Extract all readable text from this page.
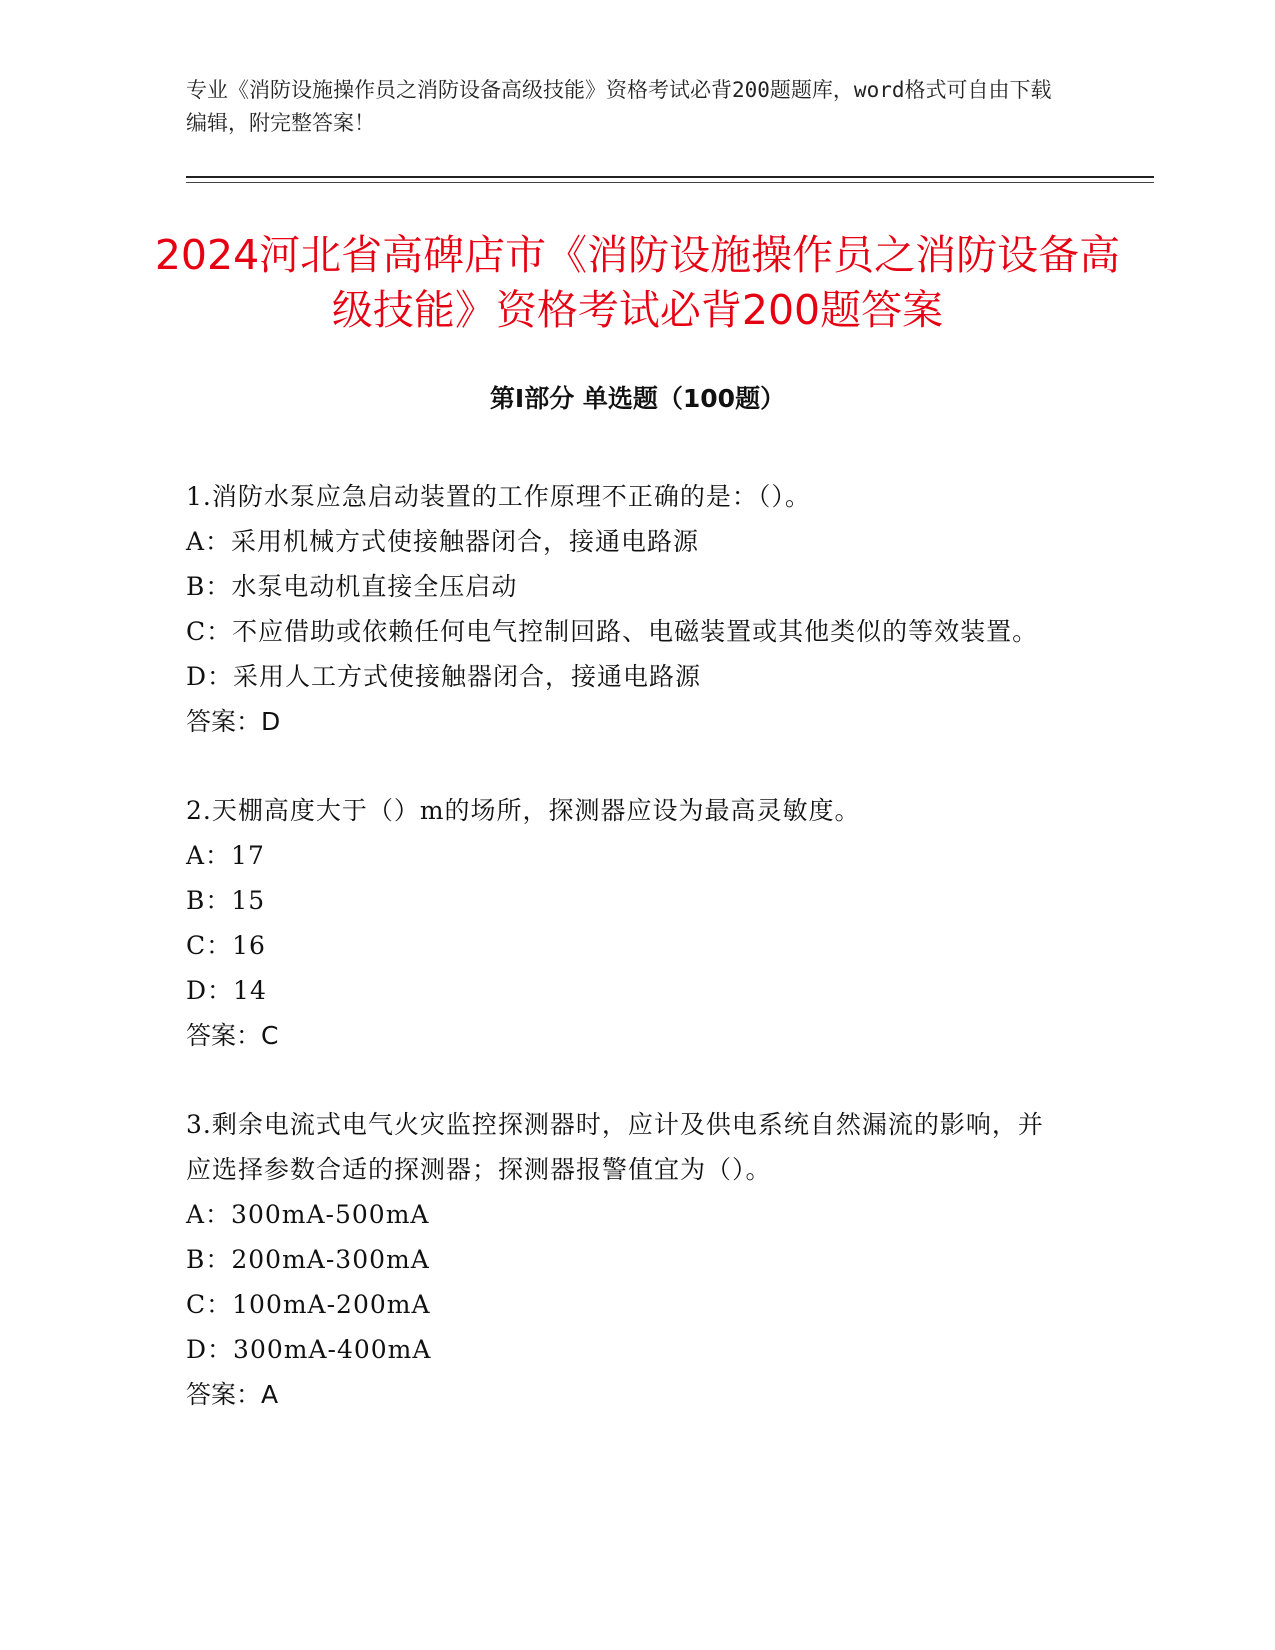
专业《消防设施操作员之消防设备高级技能》资格考试必背200题题库，word格式可自由下载编辑，附完整答案！
2024河北省高碑店市《消防设施操作员之消防设备高级技能》资格考试必背200题答案
第Ⅰ部分 单选题（100题）
1.消防水泵应急启动装置的工作原理不正确的是：（）。
A：采用机械方式使接触器闭合，接通电路源
B：水泵电动机直接全压启动
C：不应借助或依赖任何电气控制回路、电磁装置或其他类似的等效装置。
D：采用人工方式使接触器闭合，接通电路源
答案：D
2.天棚高度大于（）m的场所，探测器应设为最高灵敏度。
A：17
B：15
C：16
D：14
答案：C
3.剩余电流式电气火灾监控探测器时，应计及供电系统自然漏流的影响，并应选择参数合适的探测器；探测器报警值宜为（）。
A：300mA-500mA
B：200mA-300mA
C：100mA-200mA
D：300mA-400mA
答案：A
